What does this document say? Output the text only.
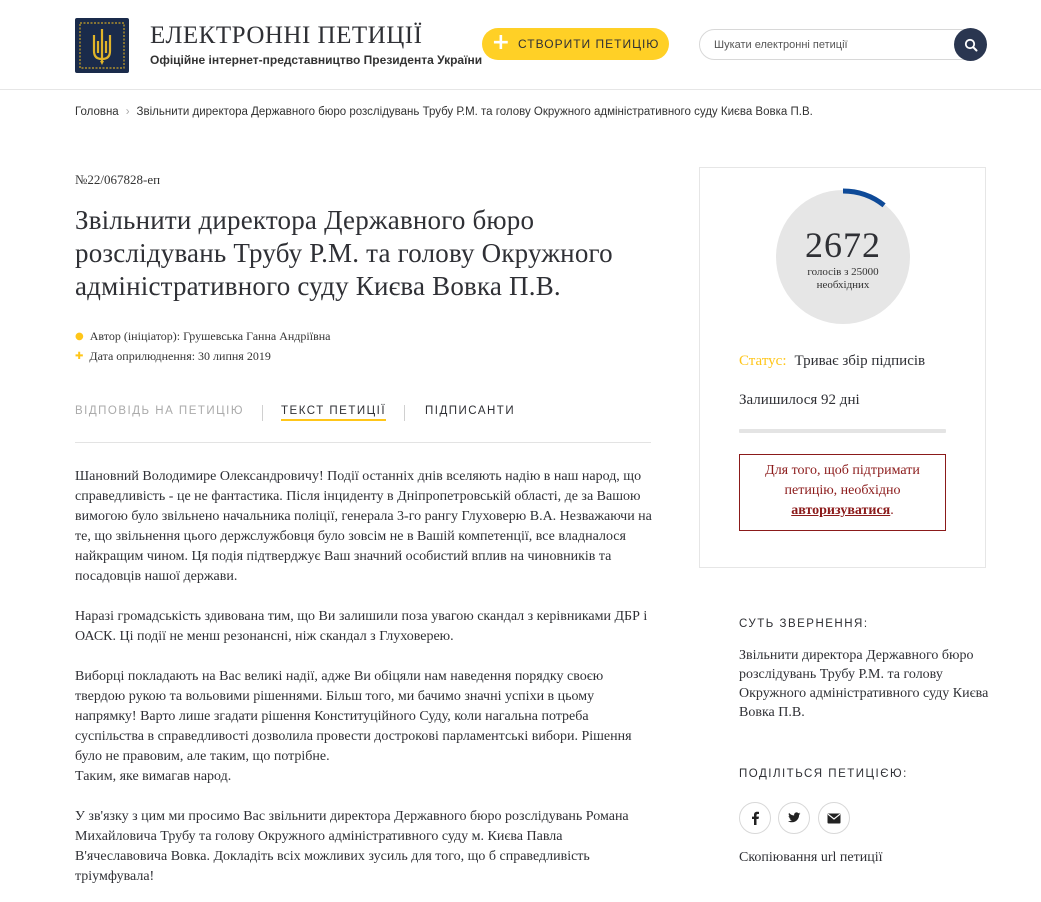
ЕЛЕКТРОННІ ПЕТИЦІЇ
Офіційне інтернет-представництво Президента України
+ СТВОРИТИ ПЕТИЦІЮ
Шукати електронні петиції
Головна › Звільнити директора Державного бюро розслідувань Трубу Р.М. та голову Окружного адміністративного суду Києва Вовка П.В.
№22/067828-еп
Звільнити директора Державного бюро розслідувань Трубу Р.М. та голову Окружного адміністративного суду Києва Вовка П.В.
● Автор (ініціатор): Грушевська Ганна Андріївна
✚ Дата оприлюднення: 30 липня 2019
ВІДПОВІДЬ НА ПЕТИЦІЮ	ТЕКСТ ПЕТИЦІЇ	ПІДПИСАНТИ

Шановний Володимире Олександровичу! Події останніх днів вселяють надію в наш народ, що справедливість - це не фантастика. Після інциденту в Дніпропетровській області, де за Вашою вимогою було звільнено начальника поліції, генерала 3-го рангу Глуховерю В.А. Незважаючи на те, що звільнення цього держслужбовця було зовсім не в Вашій компетенції, все владналося найкращим чином. Ця подія підтверджує Ваш значний особистий вплив на чиновників та посадовців нашої держави.

Наразі громадськість здивована тим, що Ви залишили поза увагою скандал з керівниками ДБР і ОАСК. Ці події не менш резонансні, ніж скандал з Глуховерею.

Виборці покладають на Вас великі надії, адже Ви обіцяли нам наведення порядку своєю твердою рукою та вольовими рішеннями. Більш того, ми бачимо значні успіхи в цьому напрямку! Варто лише згадати рішення Конституційного Суду, коли нагальна потреба суспільства в справедливості дозволила провести дострокові парламентські вибори. Рішення було не правовим, але таким, що потрібне.

Таким, яке вимагав народ.

У зв'язку з цим ми просимо Вас звільнити директора Державного бюро розслідувань Романа Михайловича Трубу та голову Окружного адміністративного суду м. Києва Павла В'ячеславовича Вовка. Докладіть всіх можливих зусиль для того, що б справедливість тріумфувала!

2672
голосів з 25000 необхідних
Статус: Триває збір підписів
Залишилося 92 дні
Для того, щоб підтримати петицію, необхідно
авторизуватися.
СУТЬ ЗВЕРНЕННЯ:
Звільнити директора Державного бюро розслідувань Трубу Р.М. та голову Окружного адміністративного суду Києва Вовка П.В.
ПОДІЛІТЬСЯ ПЕТИЦІЄЮ:
Скопіювання url петиції
